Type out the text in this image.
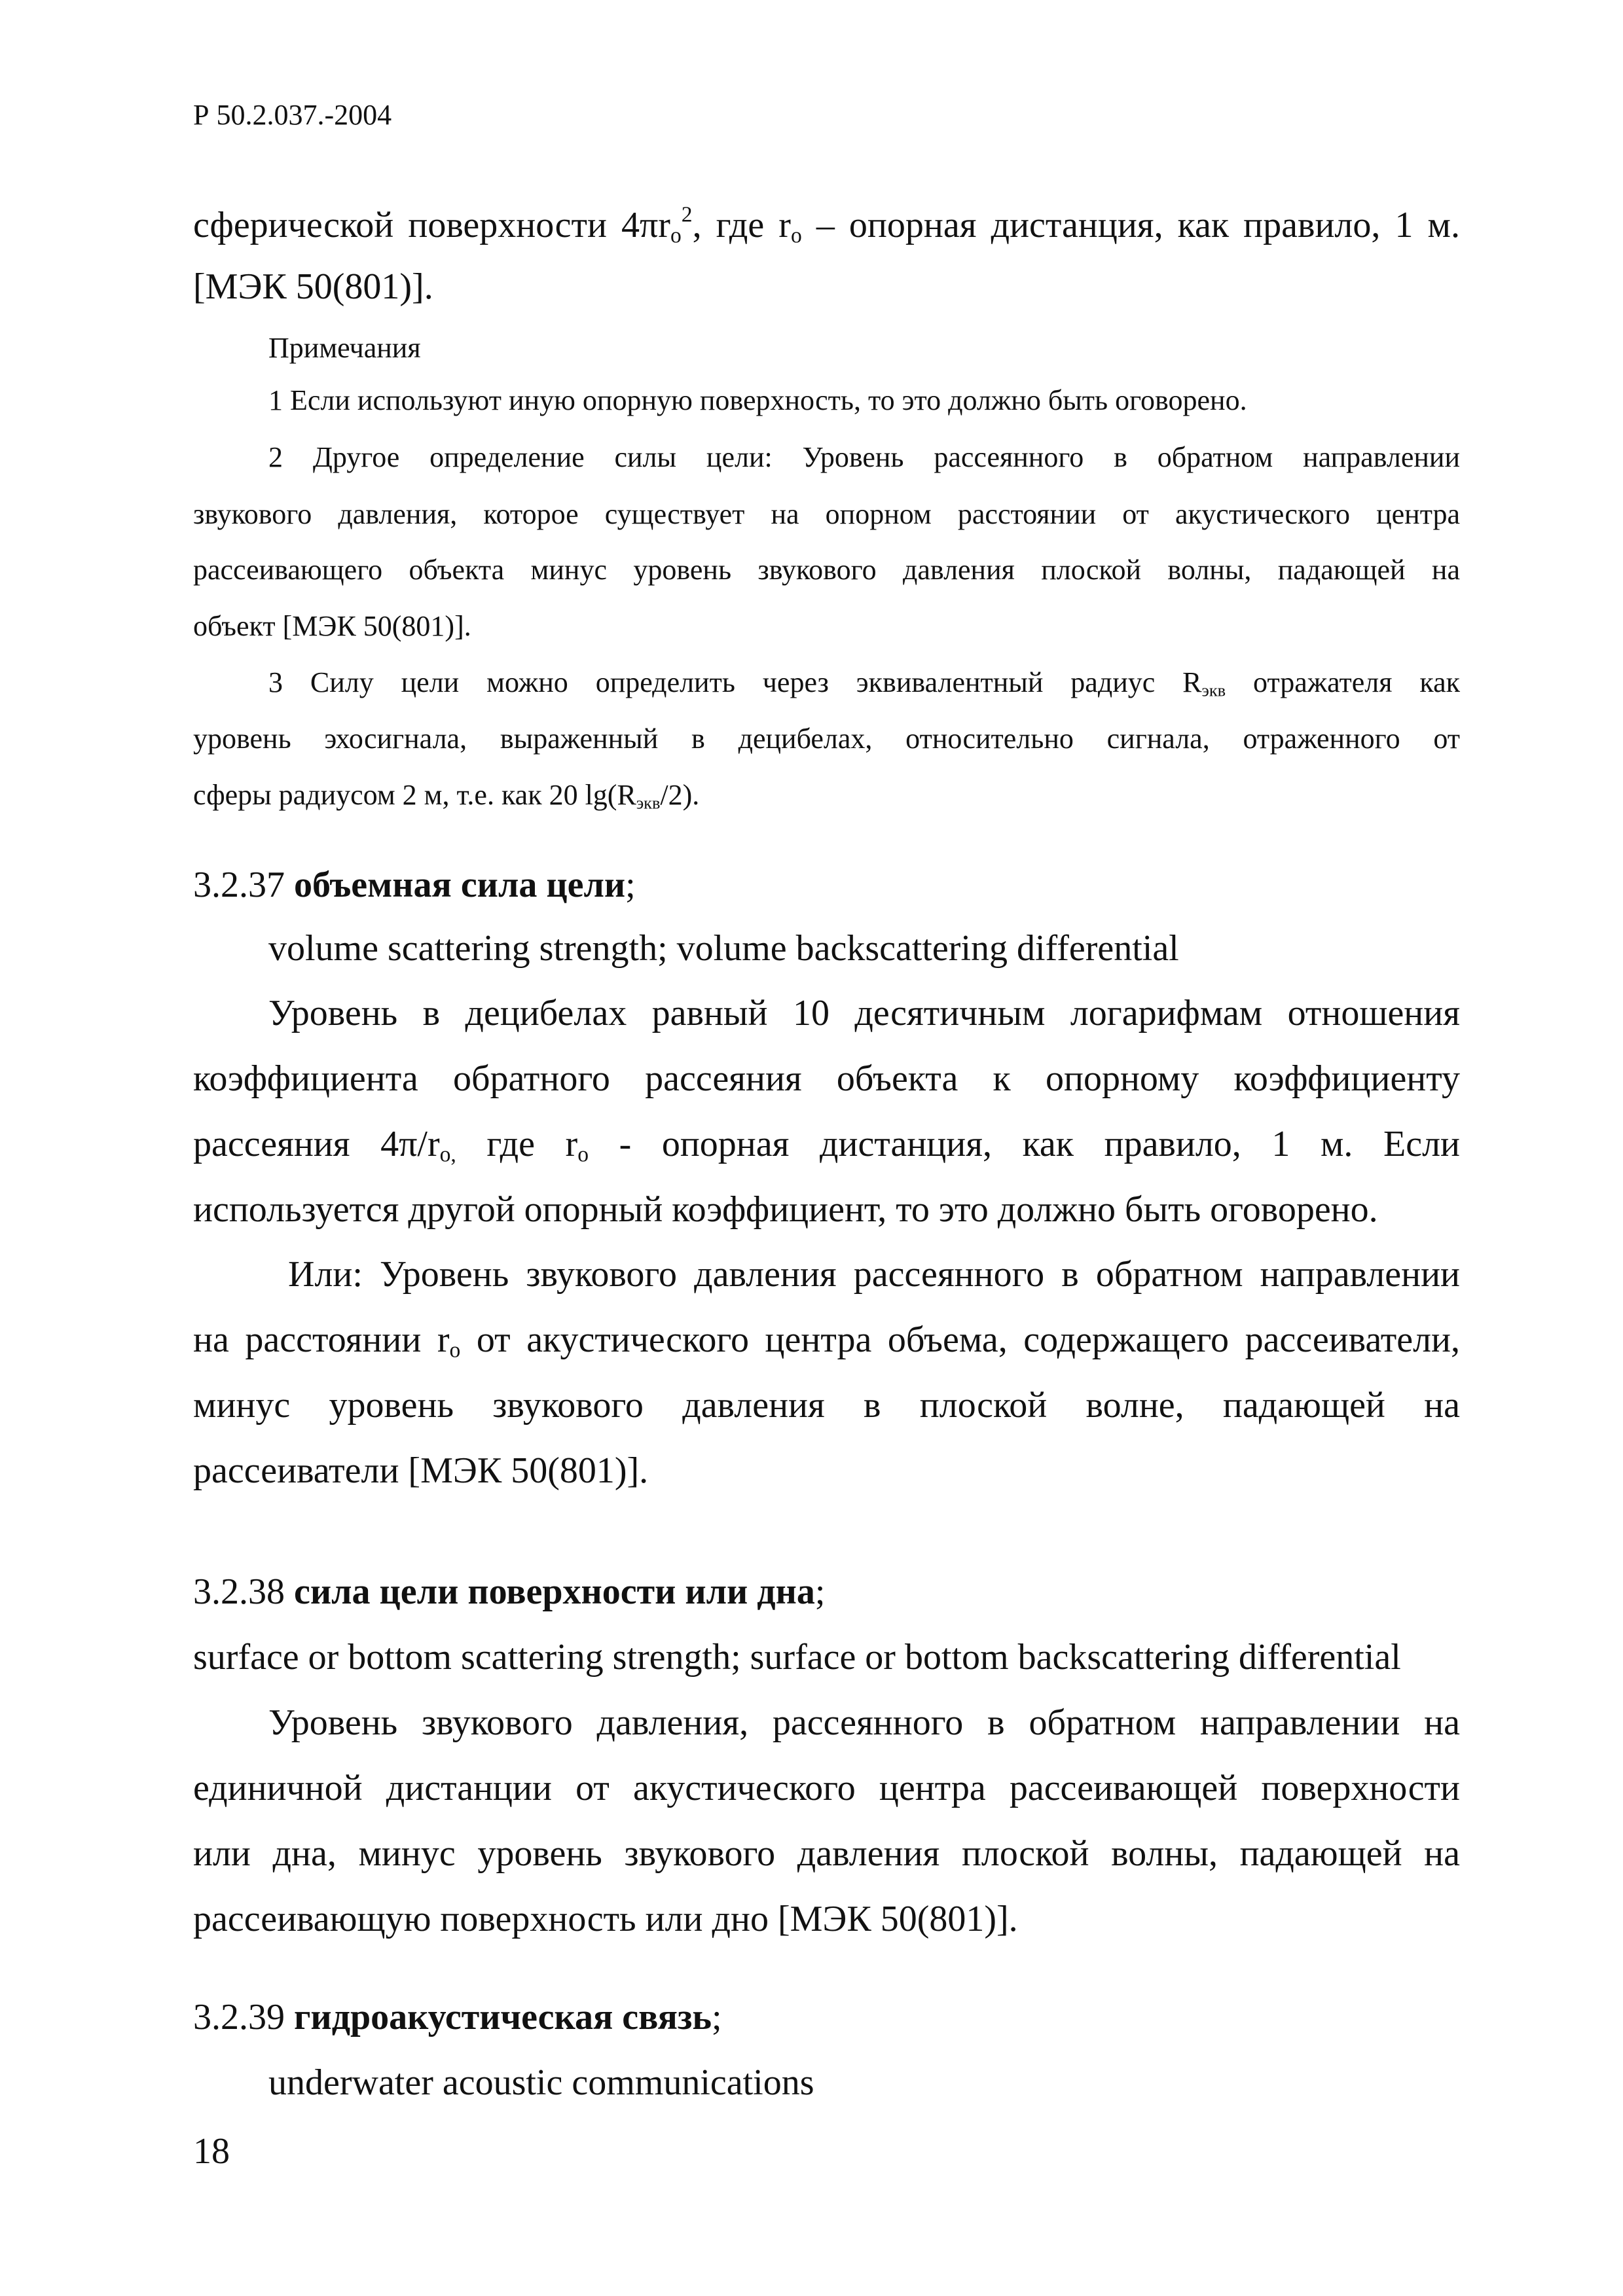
Р 50.2.037.-2004
сферической поверхности $4\pi r_o^2$, где $r_o$ – опорная дистанция, как правило, 1 м.
[МЭК 50(801)].
Примечания
1 Если используют иную опорную поверхность, то это должно быть оговорено.
2 Другое определение силы цели: Уровень рассеянного в обратном направлении
звукового давления, которое существует на опорном расстоянии от акустического центра
рассеивающего объекта минус уровень звукового давления плоской волны, падающей на
объект [МЭК 50(801)].
3 Силу цели можно определить через эквивалентный радиус $R_{экв}$ отражателя как
уровень эхосигнала, выраженный в децибелах, относительно сигнала, отраженного от
сферы радиусом 2 м, т.е. как 20 $\lg(R_{экв}/2)$.
3.2.37 объемная сила цели;
volume scattering strength; volume backscattering differential
Уровень в децибелах равный 10 десятичным логарифмам отношения
коэффициента обратного рассеяния объекта к опорному коэффициенту
рассеяния $4\pi/r_{o,}$ где $r_o$ - опорная дистанция, как правило, 1 м. Если
используется другой опорный коэффициент, то это должно быть оговорено.
Или: Уровень звукового давления рассеянного в обратном направлении
на расстоянии $r_o$ от акустического центра объема, содержащего рассеиватели,
минус уровень звукового давления в плоской волне, падающей на
рассеиватели [МЭК 50(801)].
3.2.38 сила цели поверхности или дна;
surface or bottom scattering strength; surface or bottom backscattering differential
Уровень звукового давления, рассеянного в обратном направлении на
единичной дистанции от акустического центра рассеивающей поверхности
или дна, минус уровень звукового давления плоской волны, падающей на
рассеивающую поверхность или дно [МЭК 50(801)].
3.2.39 гидроакустическая связь;
underwater acoustic communications
18
